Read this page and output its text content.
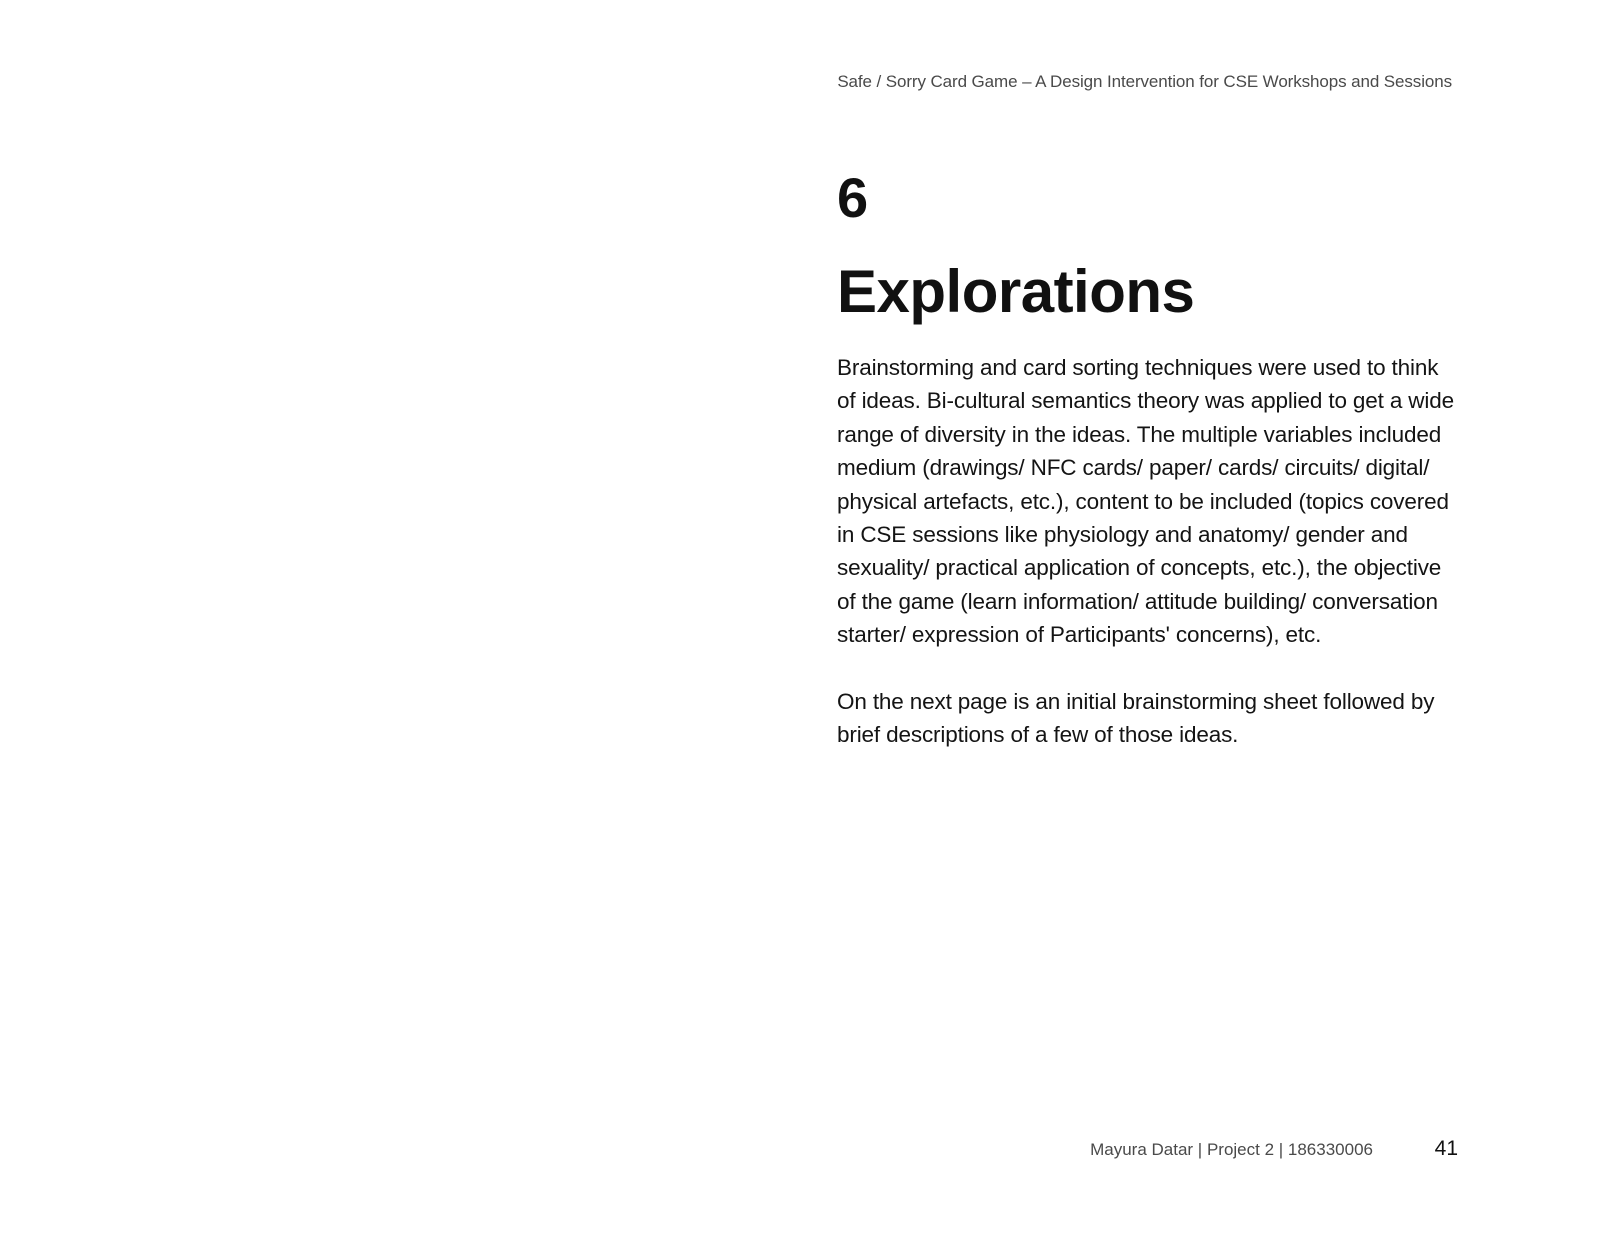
Safe / Sorry Card Game – A Design Intervention for CSE Workshops and Sessions
6
Explorations

Brainstorming and card sorting techniques were used to think of ideas. Bi-cultural semantics theory was applied to get a wide range of diversity in the ideas. The multiple variables included medium (drawings/ NFC cards/ paper/ cards/ circuits/ digital/ physical artefacts, etc.), content to be included (topics covered in CSE sessions like physiology and anatomy/ gender and sexuality/ practical application of concepts, etc.), the objective of the game (learn information/ attitude building/ conversation starter/ expression of Participants' concerns), etc.

On the next page is an initial brainstorming sheet followed by brief descriptions of a few of those ideas.

Mayura Datar | Project 2 | 186330006	41
